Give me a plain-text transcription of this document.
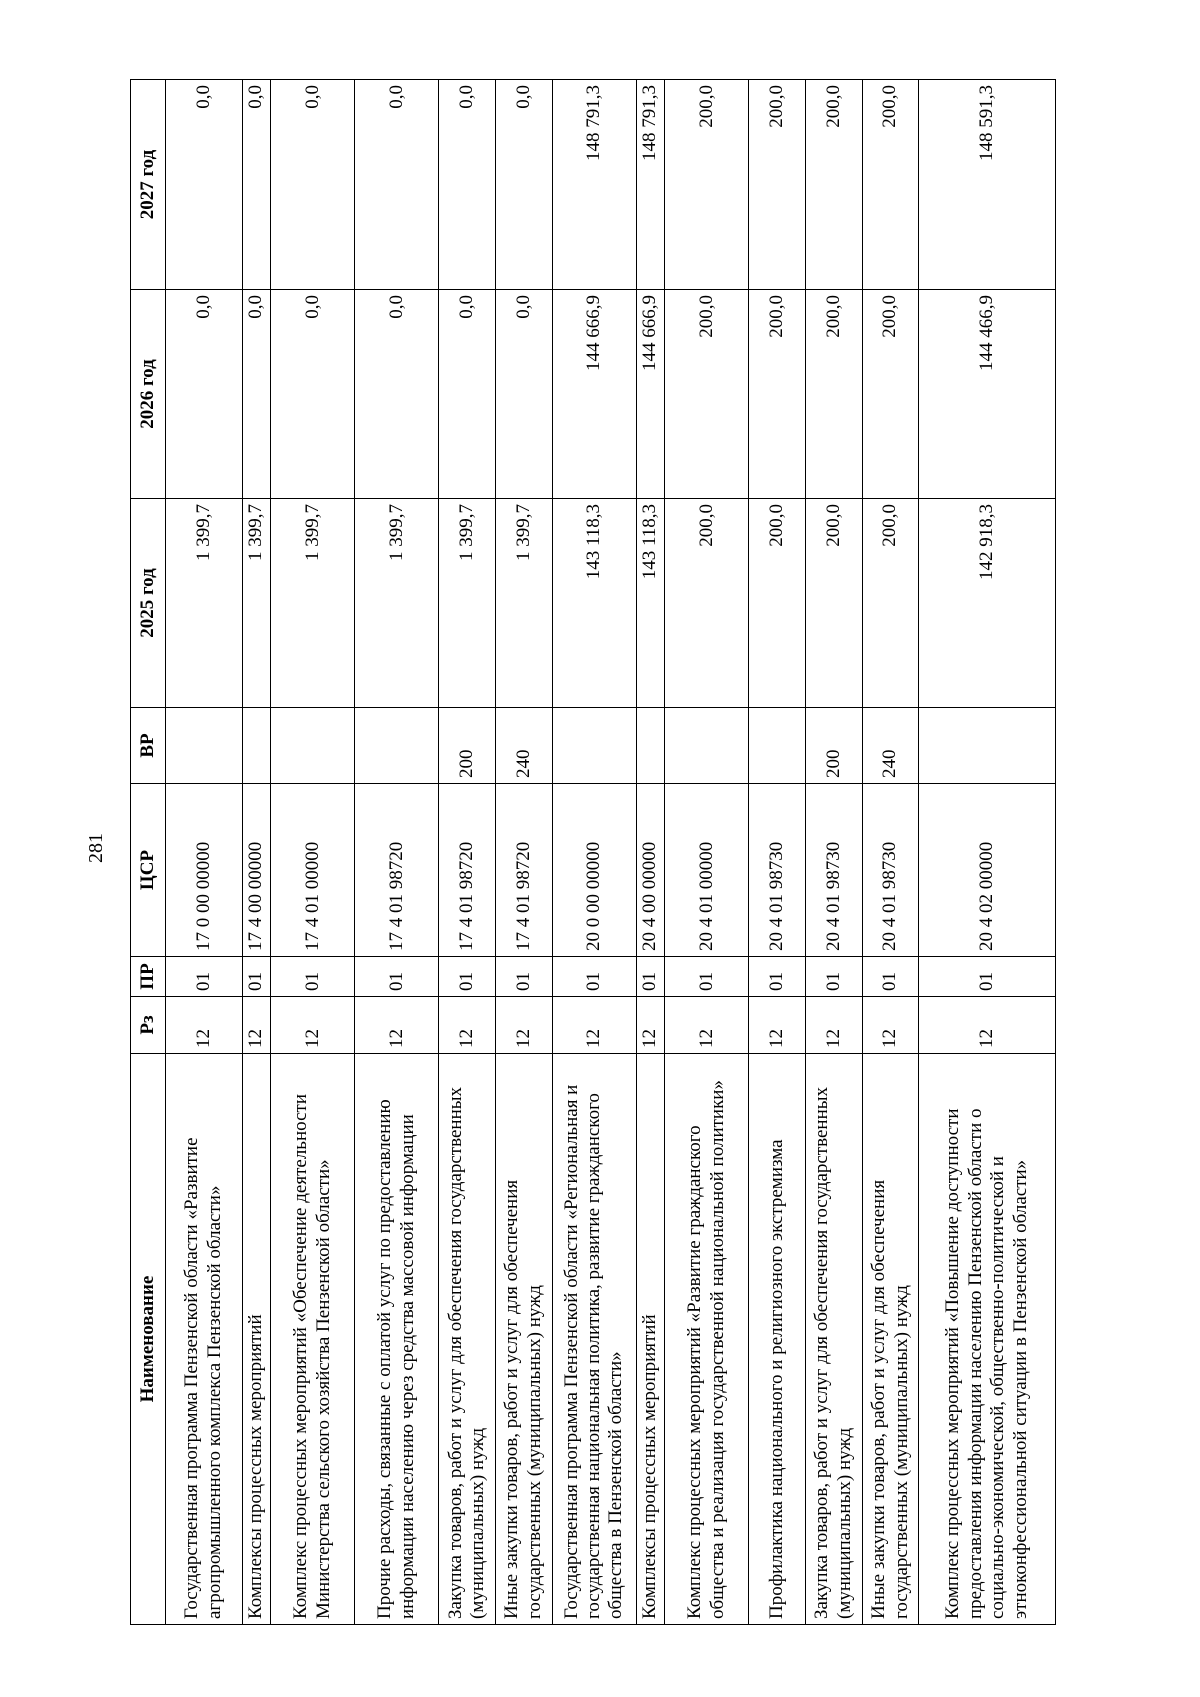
281
Наименование	Рз	ПР	ЦСР	ВР	2025 год	2026 год	2027 год
Государственная программа Пензенской области «Развитие агропромышленного комплекса Пензенской области»	12	01	17 0 00 00000		1 399,7	0,0	0,0
Комплексы процессных мероприятий	12	01	17 4 00 00000		1 399,7	0,0	0,0
Комплекс процессных мероприятий «Обеспечение деятельности Министерства сельского хозяйства Пензенской области»	12	01	17 4 01 00000		1 399,7	0,0	0,0
Прочие расходы, связанные с оплатой услуг по предоставлению информации населению через средства массовой информации	12	01	17 4 01 98720		1 399,7	0,0	0,0
Закупка товаров, работ и услуг для обеспечения государственных (муниципальных) нужд	12	01	17 4 01 98720	200	1 399,7	0,0	0,0
Иные закупки товаров, работ и услуг для обеспечения государственных (муниципальных) нужд	12	01	17 4 01 98720	240	1 399,7	0,0	0,0
Государственная программа Пензенской области «Региональная и государственная национальная политика, развитие гражданского общества в Пензенской области»	12	01	20 0 00 00000		143 118,3	144 666,9	148 791,3
Комплексы процессных мероприятий	12	01	20 4 00 00000		143 118,3	144 666,9	148 791,3
Комплекс процессных мероприятий «Развитие гражданского общества и реализация государственной национальной политики»	12	01	20 4 01 00000		200,0	200,0	200,0
Профилактика национального и религиозного экстремизма	12	01	20 4 01 98730		200,0	200,0	200,0
Закупка товаров, работ и услуг для обеспечения государственных (муниципальных) нужд	12	01	20 4 01 98730	200	200,0	200,0	200,0
Иные закупки товаров, работ и услуг для обеспечения государственных (муниципальных) нужд	12	01	20 4 01 98730	240	200,0	200,0	200,0
Комплекс процессных мероприятий «Повышение доступности предоставления информации населению Пензенской области о социально-экономической, общественно-политической и этноконфессиональной ситуации в Пензенской области»	12	01	20 4 02 00000		142 918,3	144 466,9	148 591,3
